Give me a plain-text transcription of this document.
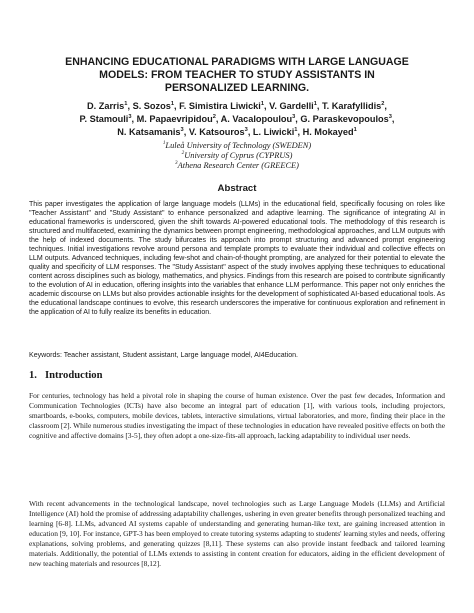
ENHANCING EDUCATIONAL PARADIGMS WITH LARGE LANGUAGE
MODELS: FROM TEACHER TO STUDY ASSISTANTS IN
PERSONALIZED LEARNING.
D. Zarris$^1$, S. Sozos$^1$, F. Simistira Liwicki$^1$, V. Gardelli$^1$, T. Karafyllidis$^2$,
P. Stamouli$^3$, M. Papaevripidou$^2$, A. Vacalopoulou$^3$, G. Paraskevopoulos$^3$,
N. Katsamanis$^3$, V. Katsouros$^3$, L. Liwicki$^1$, H. Mokayed$^1$
$^1$Luleå University of Technology (SWEDEN)
$^2$University of Cyprus (CYPRUS)
$^3$Athena Research Center (GREECE)
Abstract
This paper investigates the application of large language models (LLMs) in the educational field, specifically focusing on roles like "Teacher Assistant" and "Study Assistant" to enhance personalized and adaptive learning. The significance of integrating AI in educational frameworks is underscored, given the shift towards AI-powered educational tools. The methodology of this research is structured and multifaceted, examining the dynamics between prompt engineering, methodological approaches, and LLM outputs with the help of indexed documents. The study bifurcates its approach into prompt structuring and advanced prompt engineering techniques. Initial investigations revolve around persona and template prompts to evaluate their individual and collective effects on LLM outputs. Advanced techniques, including few-shot and chain-of-thought prompting, are analyzed for their potential to elevate the quality and specificity of LLM responses. The "Study Assistant" aspect of the study involves applying these techniques to educational content across disciplines such as biology, mathematics, and physics. Findings from this research are poised to contribute significantly to the evolution of AI in education, offering insights into the variables that enhance LLM performance. This paper not only enriches the academic discourse on LLMs but also provides actionable insights for the development of sophisticated AI-based educational tools. As the educational landscape continues to evolve, this research underscores the imperative for continuous exploration and refinement in the application of AI to fully realize its benefits in education.
Keywords: Teacher assistant, Student assistant, Large language model, AI4Education.
1. Introduction
For centuries, technology has held a pivotal role in shaping the course of human existence. Over the past few decades, Information and Communication Technologies (ICTs) have also become an integral part of education [1], with various tools, including projectors, smartboards, e-books, computers, mobile devices, tablets, interactive simulations, virtual laboratories, and more, finding their place in the classroom [2]. While numerous studies investigating the impact of these technologies in education have revealed positive effects on both the cognitive and affective domains [3-5], they often adopt a one-size-fits-all approach, lacking adaptability to individual user needs.
With recent advancements in the technological landscape, novel technologies such as Large Language Models (LLMs) and Artificial Intelligence (AI) hold the promise of addressing adaptability challenges, ushering in even greater benefits through personalized teaching and learning [6-8]. LLMs, advanced AI systems capable of understanding and generating human-like text, are gaining increased attention in education [9, 10]. For instance, GPT-3 has been employed to create tutoring systems adapting to students' learning styles and needs, offering explanations, solving problems, and generating quizzes [8,11]. These systems can also provide instant feedback and tailored learning materials. Additionally, the potential of LLMs extends to assisting in content creation for educators, aiding in the efficient development of new teaching materials and resources [8,12].
